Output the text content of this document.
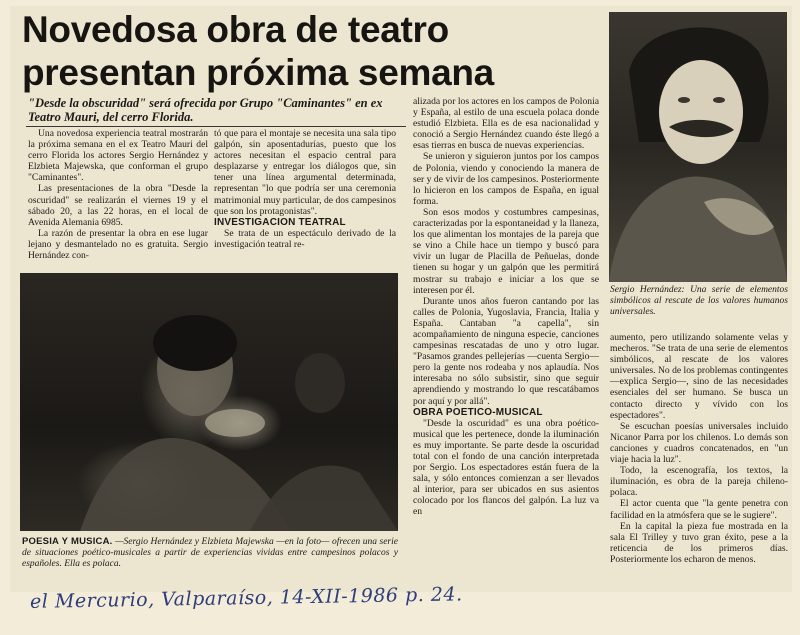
Novedosa obra de teatro presentan próxima semana

"Desde la obscuridad" será ofrecida por Grupo "Caminantes" en ex Teatro Mauri, del cerro Florida.

Una novedosa experiencia teatral mostrarán la próxima semana en el ex Teatro Mauri del cerro Florida los actores Sergio Hernández y Elzbieta Majewska, que conforman el grupo "Caminantes".

Las presentaciones de la obra "Desde la oscuridad" se realizarán el viernes 19 y el sábado 20, a las 22 horas, en el local de Avenida Alemania 6985.

La razón de presentar la obra en ese lugar lejano y desmantelado no es gratuita. Sergio Hernández con-

tó que para el montaje se necesita una sala tipo galpón, sin aposentadurías, puesto que los actores necesitan el espacio central para desplazarse y entregar los diálogos que, sin tener una línea argumental determinada, representan "lo que podría ser una ceremonia matrimonial muy particular, de dos campesinos que son los protagonistas".

INVESTIGACION TEATRAL

Se trata de un espectáculo derivado de la investigación teatral re-

POESIA Y MUSICA. —Sergio Hernández y Elzbieta Majewska —en la foto— ofrecen una serie de situaciones poético-musicales a partir de experiencias vividas entre campesinos polacos y españoles. Ella es polaca.

alizada por los actores en los campos de Polonia y España, al estilo de una escuela polaca donde estudió Elzbieta. Ella es de esa nacionalidad y conoció a Sergio Hernández cuando éste llegó a esas tierras en busca de nuevas experiencias.

Se unieron y siguieron juntos por los campos de Polonia, viendo y conociendo la manera de ser y de vivir de los campesinos. Posteriormente lo hicieron en los campos de España, en igual forma.

Son esos modos y costumbres campesinas, caracterizadas por la espontaneidad y la llaneza, los que alimentan los montajes de la pareja que se vino a Chile hace un tiempo y buscó para vivir un lugar de Placilla de Peñuelas, donde tienen su hogar y un galpón que les permitirá mostrar su trabajo e iniciar a los que se interesen por él.

Durante unos años fueron cantando por las calles de Polonia, Yugoslavia, Francia, Italia y España. Cantaban "a capella", sin acompañamiento de ninguna especie, canciones campesinas rescatadas de uno y otro lugar. "Pasamos grandes pellejerías —cuenta Sergio— pero la gente nos rodeaba y nos aplaudía. Nos interesaba no sólo subsistir, sino que seguir aprendiendo y mostrando lo que rescatábamos por aquí y por allá".

OBRA POETICO-MUSICAL

"Desde la oscuridad" es una obra poético-musical que les pertenece, donde la iluminación es muy importante. Se parte desde la oscuridad total con el fondo de una canción interpretada por Sergio. Los espectadores están fuera de la sala, y sólo entonces comienzan a ser llevados al interior, para ser ubicados en sus asientos colocado por los flancos del galpón. La luz va en

Sergio Hernández: Una serie de elementos simbólicos al rescate de los valores humanos universales.

aumento, pero utilizando solamente velas y mecheros. "Se trata de una serie de elementos simbólicos, al rescate de los valores universales. No de los problemas contingentes —explica Sergio—, sino de las necesidades esenciales del ser humano. Se busca un contacto directo y vívido con los espectadores".

Se escuchan poesías universales incluido Nicanor Parra por los chilenos. Lo demás son canciones y cuadros concatenados, en "un viaje hacia la luz".

Todo, la escenografía, los textos, la iluminación, es obra de la pareja chileno-polaca.

El actor cuenta que "la gente penetra con facilidad en la atmósfera que se le sugiere".

En la capital la pieza fue mostrada en la sala El Trilley y tuvo gran éxito, pese a la reticencia de los primeros días. Posteriormente los echaron de menos.

el Mercurio, Valparaíso, 14-XII-1986 p. 24.
